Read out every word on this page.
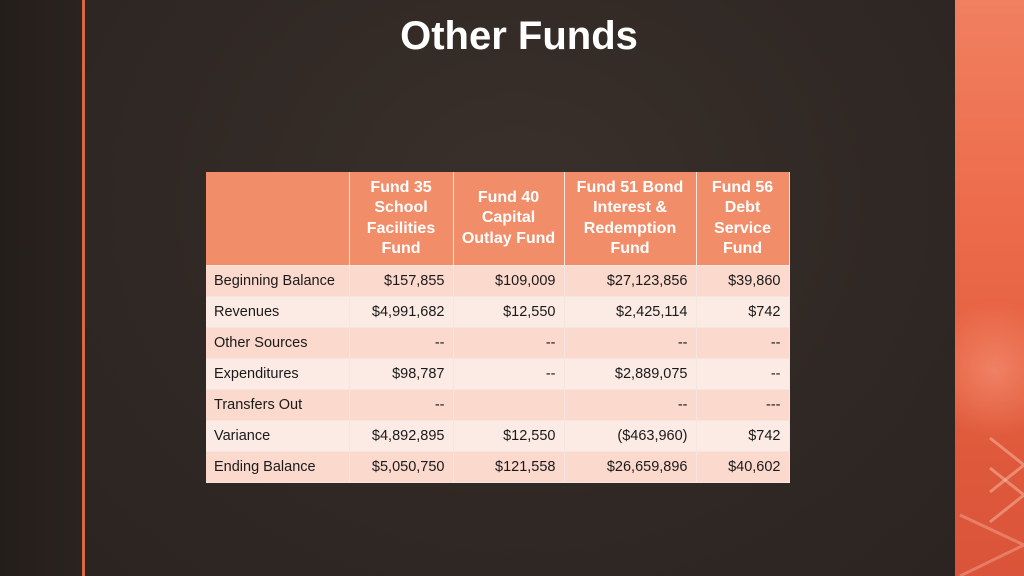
Other Funds
	Fund 35 School Facilities Fund	Fund 40 Capital Outlay Fund	Fund 51 Bond Interest & Redemption Fund	Fund 56 Debt Service Fund
Beginning Balance	$157,855	$109,009	$27,123,856	$39,860
Revenues	$4,991,682	$12,550	$2,425,114	$742
Other Sources	--	--	--	--
Expenditures	$98,787	--	$2,889,075	--
Transfers Out	--		--	---
Variance	$4,892,895	$12,550	($463,960)	$742
Ending Balance	$5,050,750	$121,558	$26,659,896	$40,602
